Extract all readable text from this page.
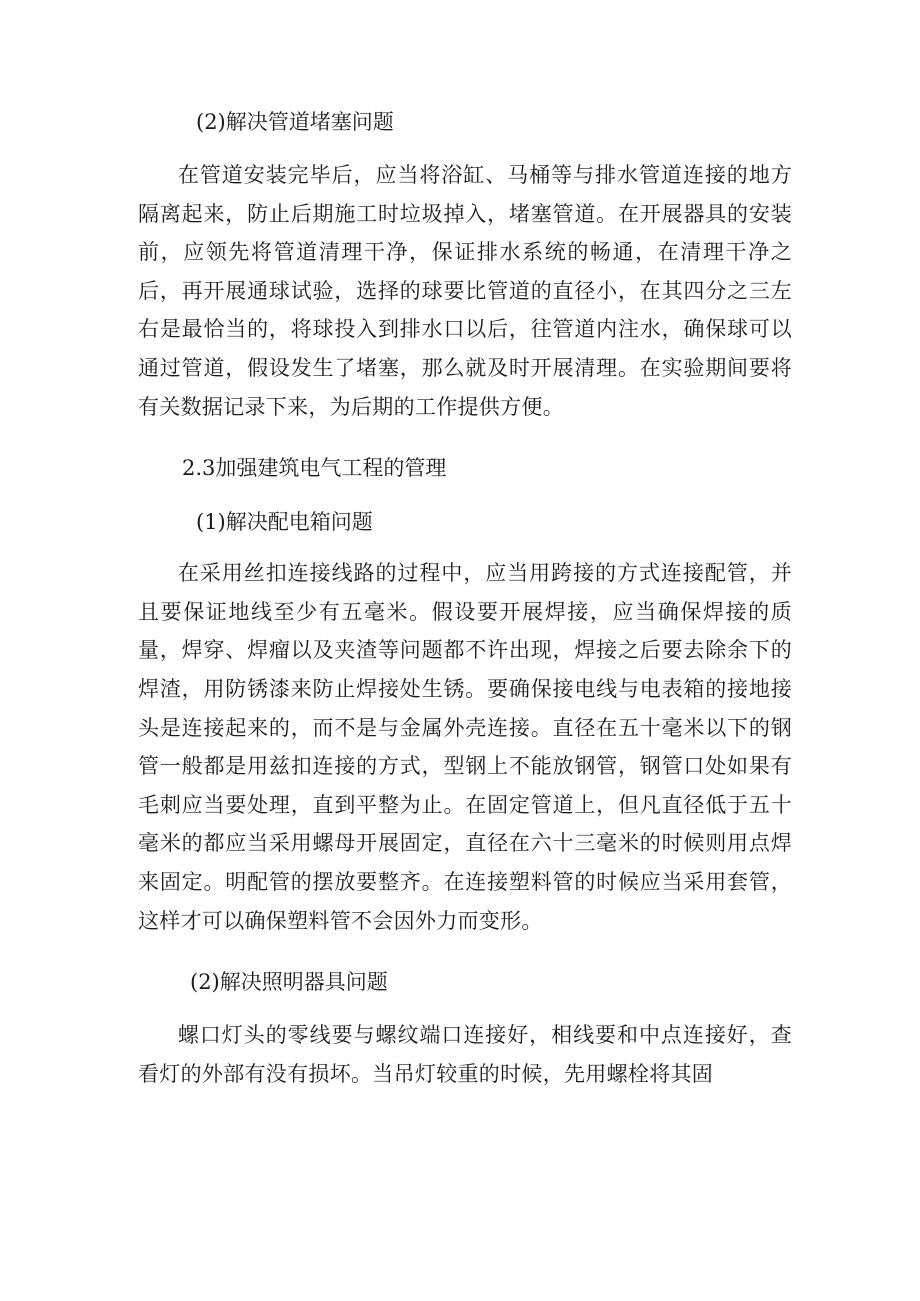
(2)解决管道堵塞问题

在管道安装完毕后，应当将浴缸、马桶等与排水管道连接的地方隔离起来，防止后期施工时垃圾掉入，堵塞管道。在开展器具的安装前，应领先将管道清理干净，保证排水系统的畅通，在清理干净之后，再开展通球试验，选择的球要比管道的直径小，在其四分之三左右是最恰当的，将球投入到排水口以后，往管道内注水，确保球可以通过管道，假设发生了堵塞，那么就及时开展清理。在实验期间要将有关数据记录下来，为后期的工作提供方便。

2.3加强建筑电气工程的管理

(1)解决配电箱问题

在采用丝扣连接线路的过程中，应当用跨接的方式连接配管，并且要保证地线至少有五毫米。假设要开展焊接，应当确保焊接的质量，焊穿、焊瘤以及夹渣等问题都不许出现，焊接之后要去除余下的焊渣，用防锈漆来防止焊接处生锈。要确保接电线与电表箱的接地接头是连接起来的，而不是与金属外壳连接。直径在五十毫米以下的钢管一般都是用兹扣连接的方式，型钢上不能放钢管，钢管口处如果有毛刺应当要处理，直到平整为止。在固定管道上，但凡直径低于五十毫米的都应当采用螺母开展固定，直径在六十三毫米的时候则用点焊来固定。明配管的摆放要整齐。在连接塑料管的时候应当采用套管，这样才可以确保塑料管不会因外力而变形。

(2)解决照明器具问题

螺口灯头的零线要与螺纹端口连接好，相线要和中点连接好，查看灯的外部有没有损坏。当吊灯较重的时候，先用螺栓将其固
